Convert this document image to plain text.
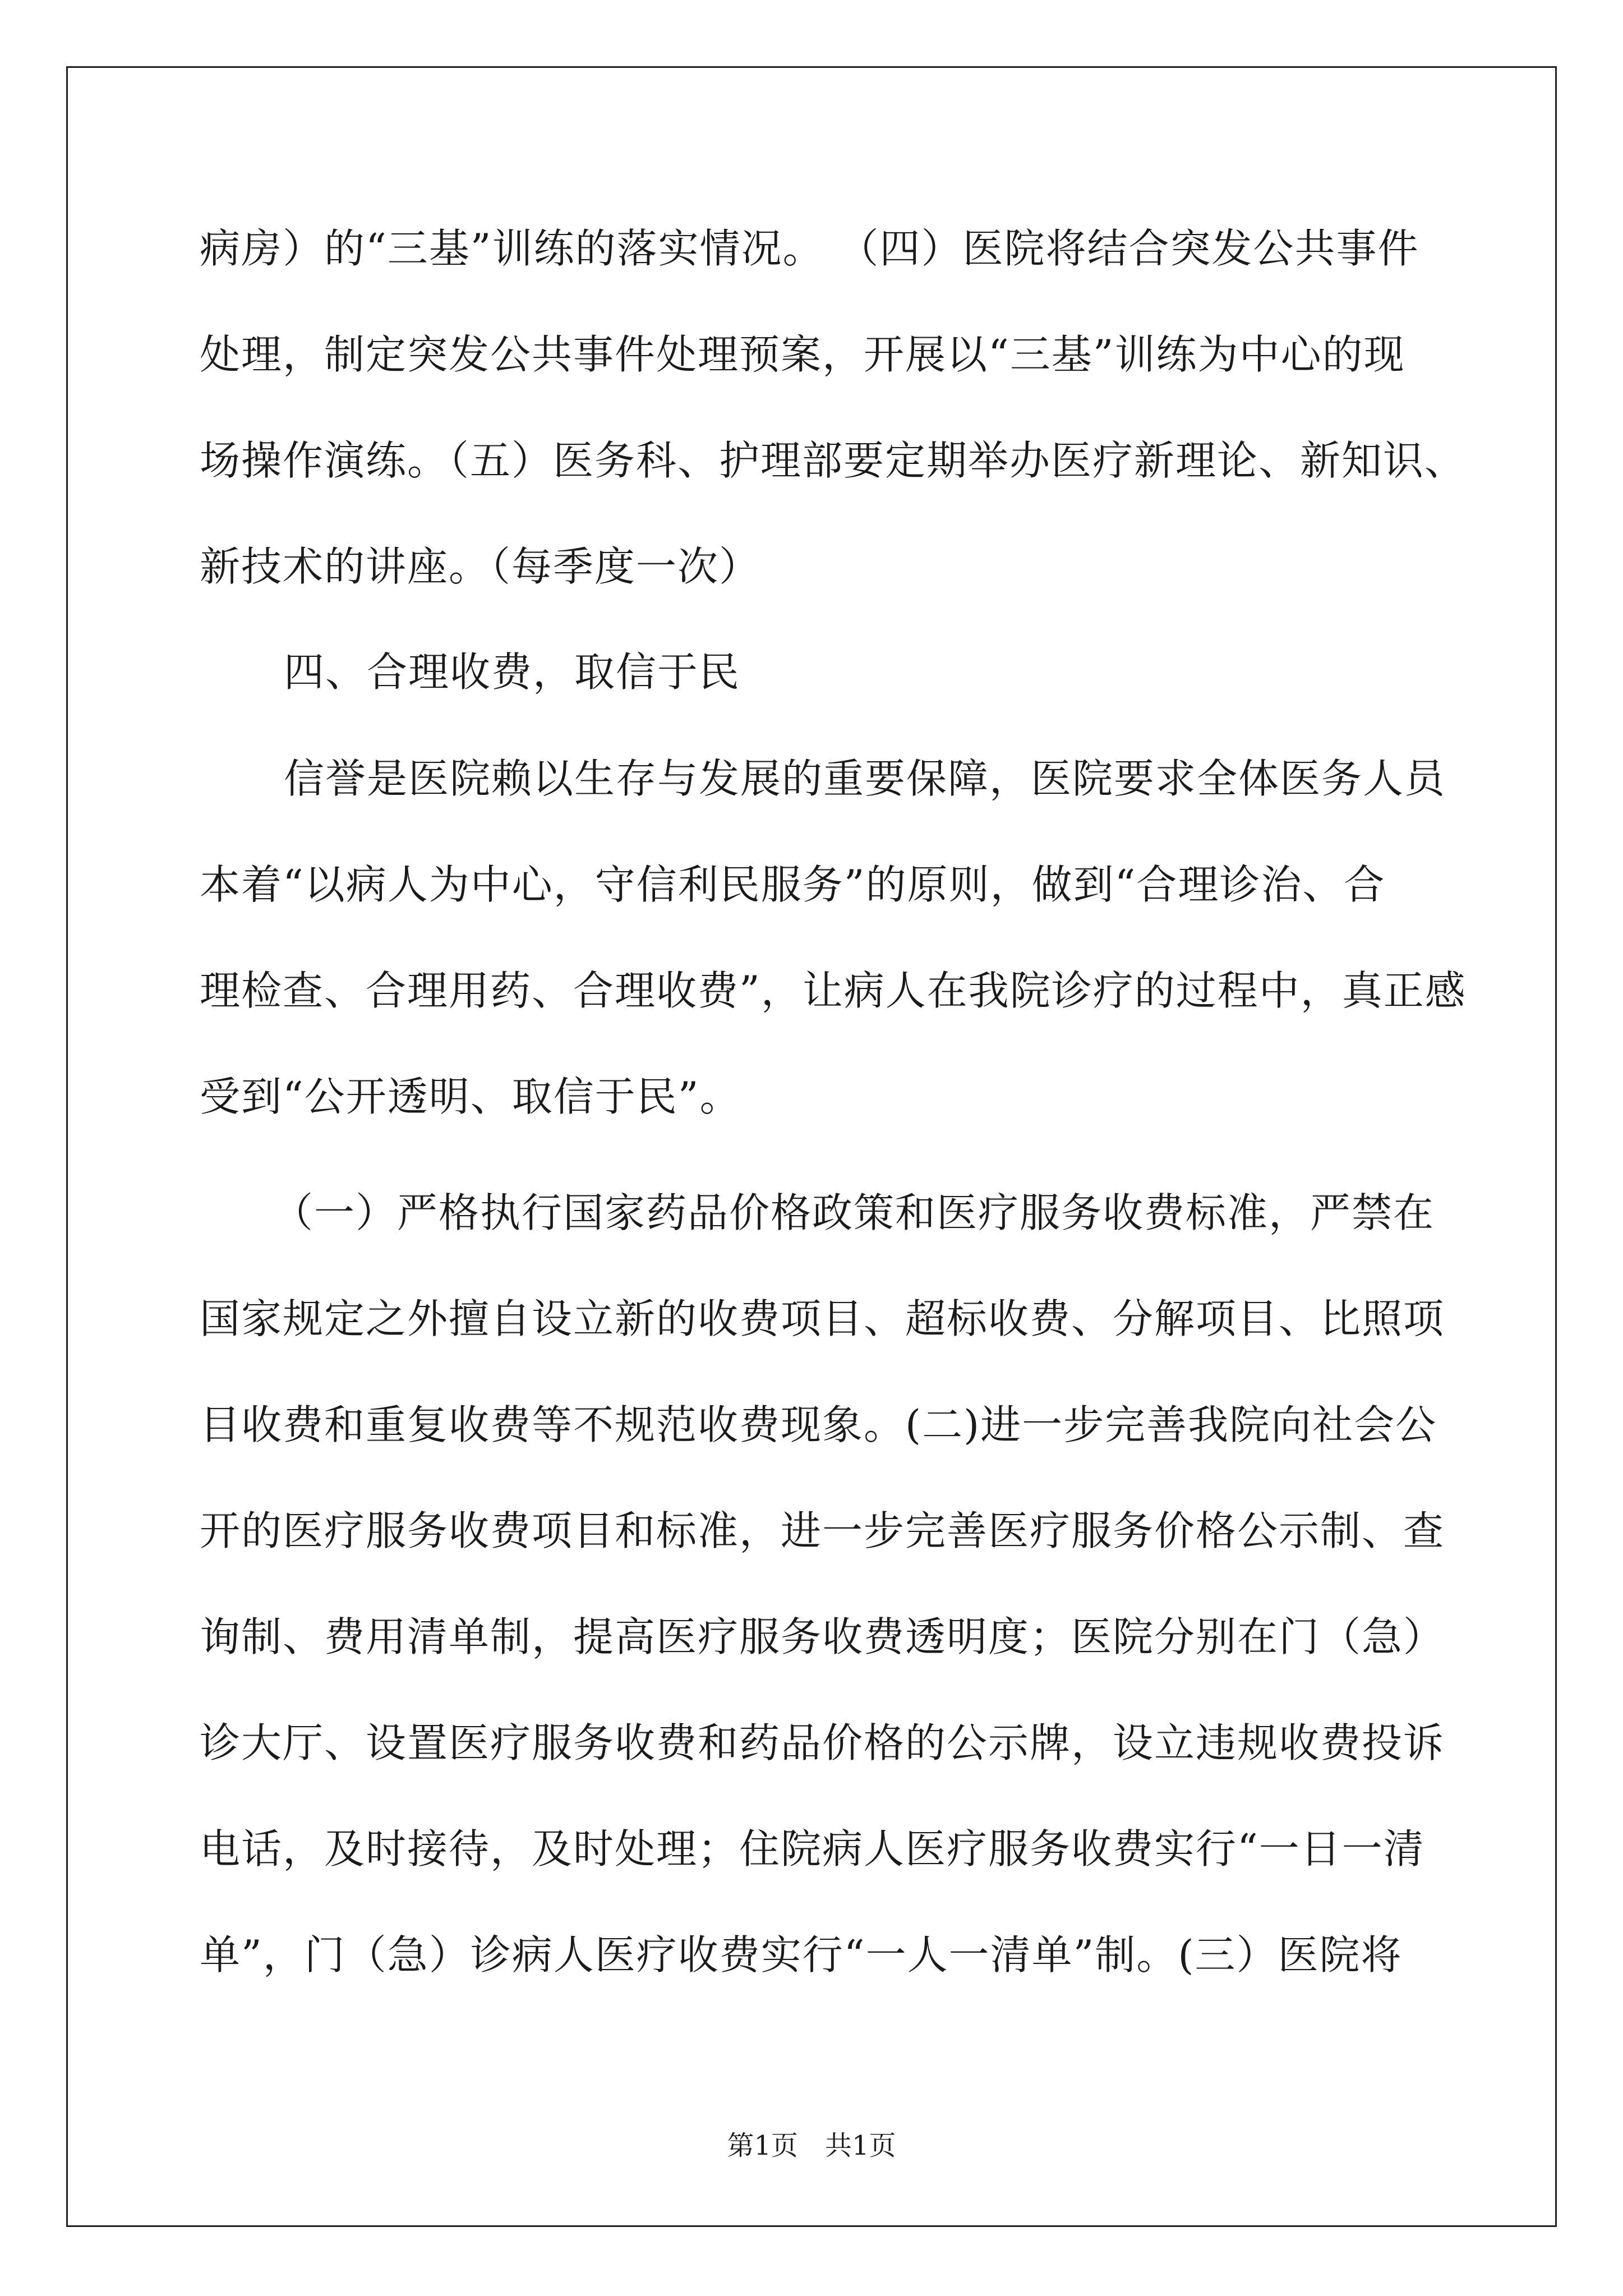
病房）的“三基”训练的落实情况。 （四）医院将结合突发公共事件
处理，制定突发公共事件处理预案，开展以“三基”训练为中心的现
场操作演练。（五）医务科、护理部要定期举办医疗新理论、新知识、
新技术的讲座。（每季度一次）
四、合理收费，取信于民
信誉是医院赖以生存与发展的重要保障，医院要求全体医务人员
本着“以病人为中心，守信利民服务”的原则，做到“合理诊治、合
理检查、合理用药、合理收费”，让病人在我院诊疗的过程中，真正感
受到“公开透明、取信于民”。
（一）严格执行国家药品价格政策和医疗服务收费标准，严禁在
国家规定之外擅自设立新的收费项目、超标收费、分解项目、比照项
目收费和重复收费等不规范收费现象。(二)进一步完善我院向社会公
开的医疗服务收费项目和标准，进一步完善医疗服务价格公示制、查
询制、费用清单制，提高医疗服务收费透明度；医院分别在门（急）
诊大厅、设置医疗服务收费和药品价格的公示牌，设立违规收费投诉
电话，及时接待，及时处理；住院病人医疗服务收费实行“一日一清
单”，门（急）诊病人医疗收费实行“一人一清单”制。(三）医院将
第1页　共1页
